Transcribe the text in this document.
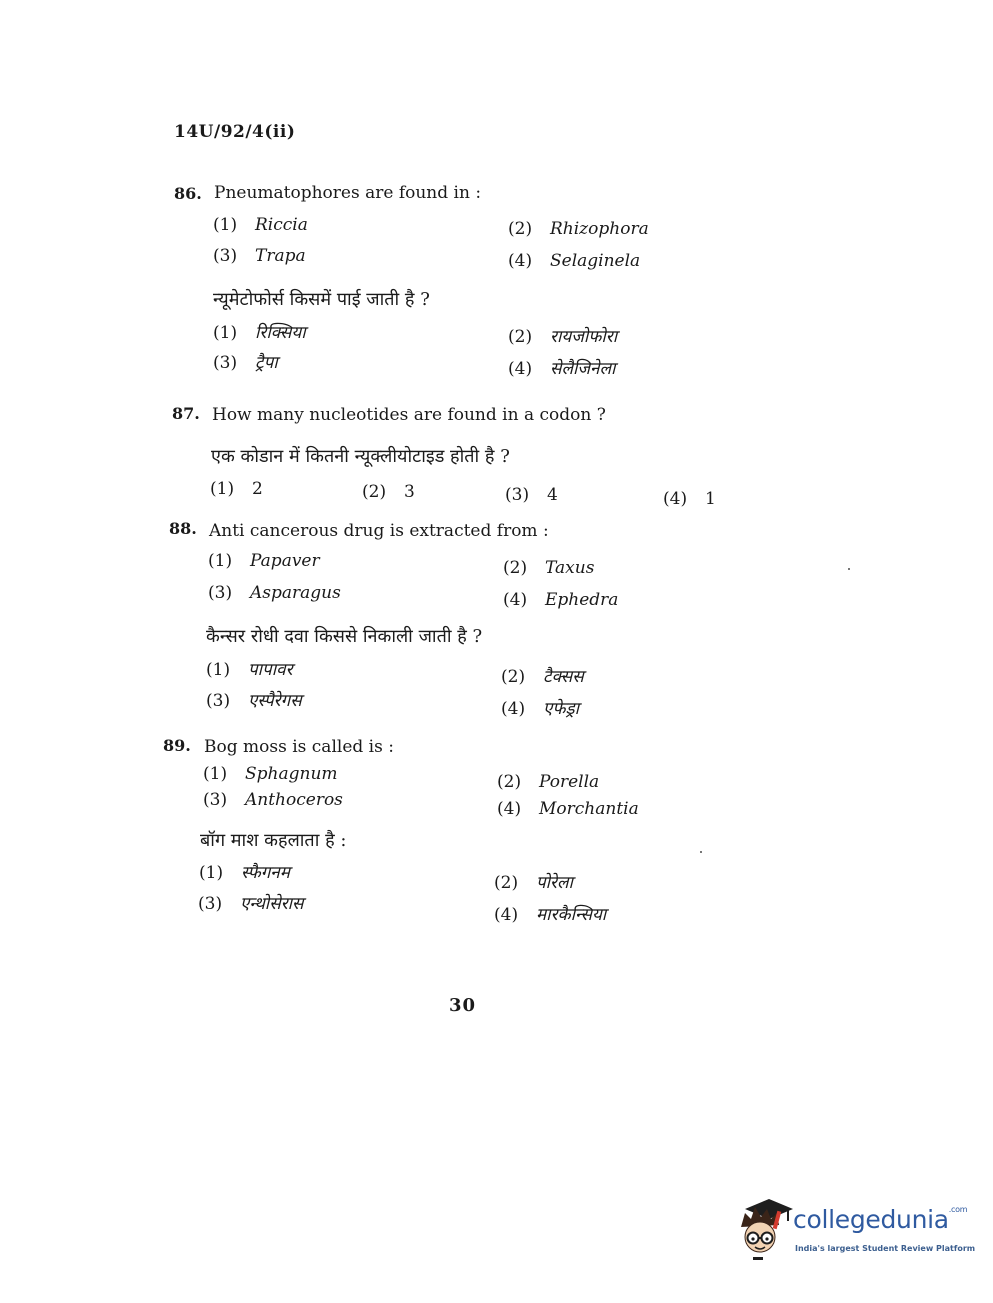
14U/92/4(ii)
86. Pneumatophores are found in :
(1) Riccia	(2) Rhizophora
(3) Trapa	(4) Selaginela
न्यूमेटोफोर्स किसमें पाई जाती है ?
(1) रिक्सिया	(2) रायजोफोरा
(3) ट्रैपा	(4) सेलैजिनेला
87. How many nucleotides are found in a codon ?
एक कोडान में कितनी न्यूक्लीयोटाइड होती है ?
(1) 2	(2) 3	(3) 4	(4) 1
88. Anti cancerous drug is extracted from :
(1) Papaver	(2) Taxus
(3) Asparagus	(4) Ephedra
कैन्सर रोधी दवा किससे निकाली जाती है ?
(1) पापावर	(2) टैक्सस
(3) एस्पैरेगस	(4) एफेड्रा
89. Bog moss is called is :
(1) Sphagnum	(2) Porella
(3) Anthoceros	(4) Morchantia
बॉग माश कहलाता है :
(1) स्फैगनम	(2) पोरेला
(3) एन्थोसेरास
(4) मारकैन्सिया
30
collegedunia$^{.com}$
India's largest Student Review Platform
